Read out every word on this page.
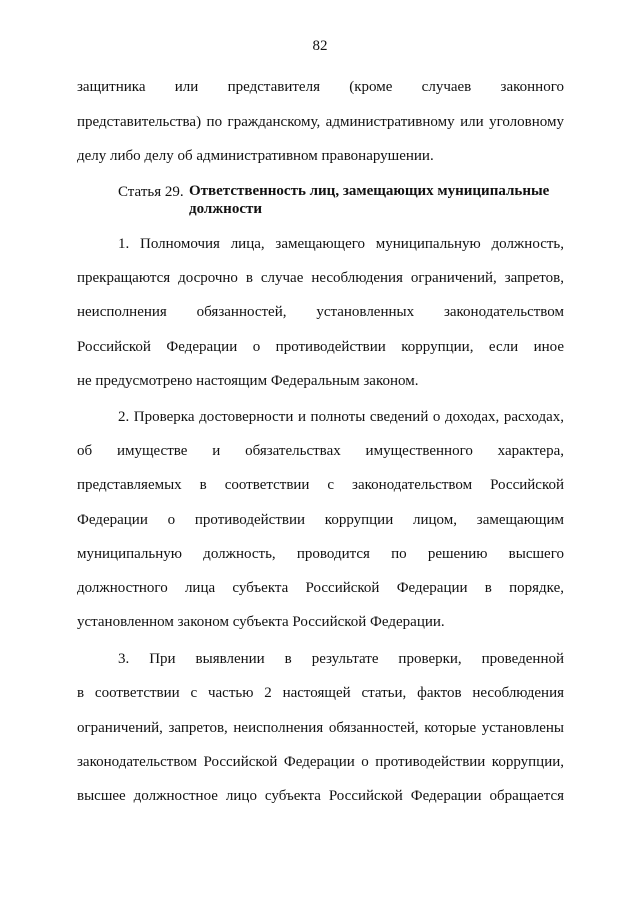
82
защитника или представителя (кроме случаев законного
представительства) по гражданскому, административному или уголовному
делу либо делу об административном правонарушении.
Статья 29. Ответственность лиц, замещающих муниципальные
должности
1. Полномочия лица, замещающего муниципальную должность,
прекращаются досрочно в случае несоблюдения ограничений, запретов,
неисполнения обязанностей, установленных законодательством
Российской Федерации о противодействии коррупции, если иное
не предусмотрено настоящим Федеральным законом.
2. Проверка достоверности и полноты сведений о доходах, расходах,
об имуществе и обязательствах имущественного характера,
представляемых в соответствии с законодательством Российской
Федерации о противодействии коррупции лицом, замещающим
муниципальную должность, проводится по решению высшего
должностного лица субъекта Российской Федерации в порядке,
установленном законом субъекта Российской Федерации.
3. При выявлении в результате проверки, проведенной
в соответствии с частью 2 настоящей статьи, фактов несоблюдения
ограничений, запретов, неисполнения обязанностей, которые установлены
законодательством Российской Федерации о противодействии коррупции,
высшее должностное лицо субъекта Российской Федерации обращается
